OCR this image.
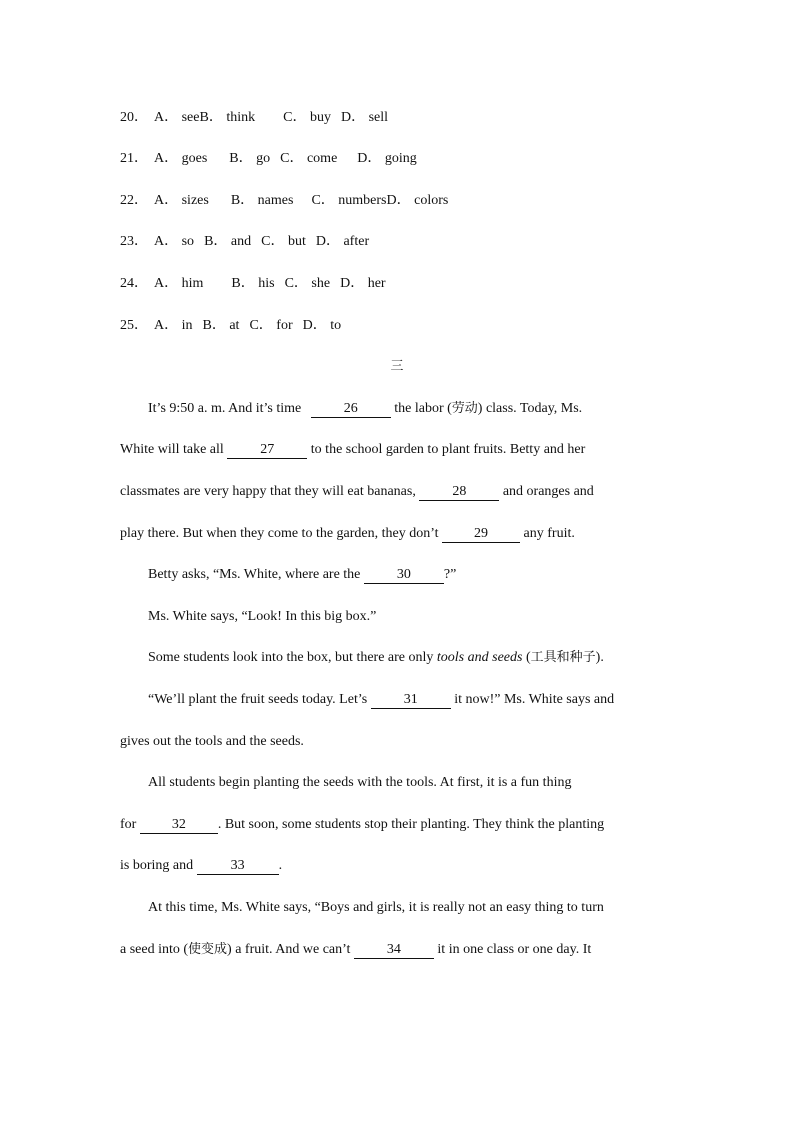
20． A． seeB． think C． buy D． sell
21． A． goes B． go C． come D． going
22． A． sizes B． names C． numbersD． colors
23． A． so B． and C． but D． after
24． A． him B． his C． she D． her
25． A． in B． at C． for D． to
三
It’s 9:50 a. m. And it’s time	26 the labor (劳动) class. Today, Ms.
White will take all 27 to the school garden to plant fruits. Betty and her
classmates are very happy that they will eat bananas, 28 and oranges and
play there. But when they come to the garden, they don’t 29 any fruit.
Betty asks, “Ms. White, where are the 30 ?”
Ms. White says, “Look! In this big box.”
Some students look into the box, but there are only tools and seeds (工具和种子).
“We’ll plant the fruit seeds today. Let’s 31 it now!” Ms. White says and
gives out the tools and the seeds.
All students begin planting the seeds with the tools. At first, it is a fun thing
for 32 . But soon, some students stop their planting. They think the planting
is boring and 33 .
At this time, Ms. White says, “Boys and girls, it is really not an easy thing to turn
a seed into (使变成) a fruit. And we can’t 34 it in one class or one day. It
